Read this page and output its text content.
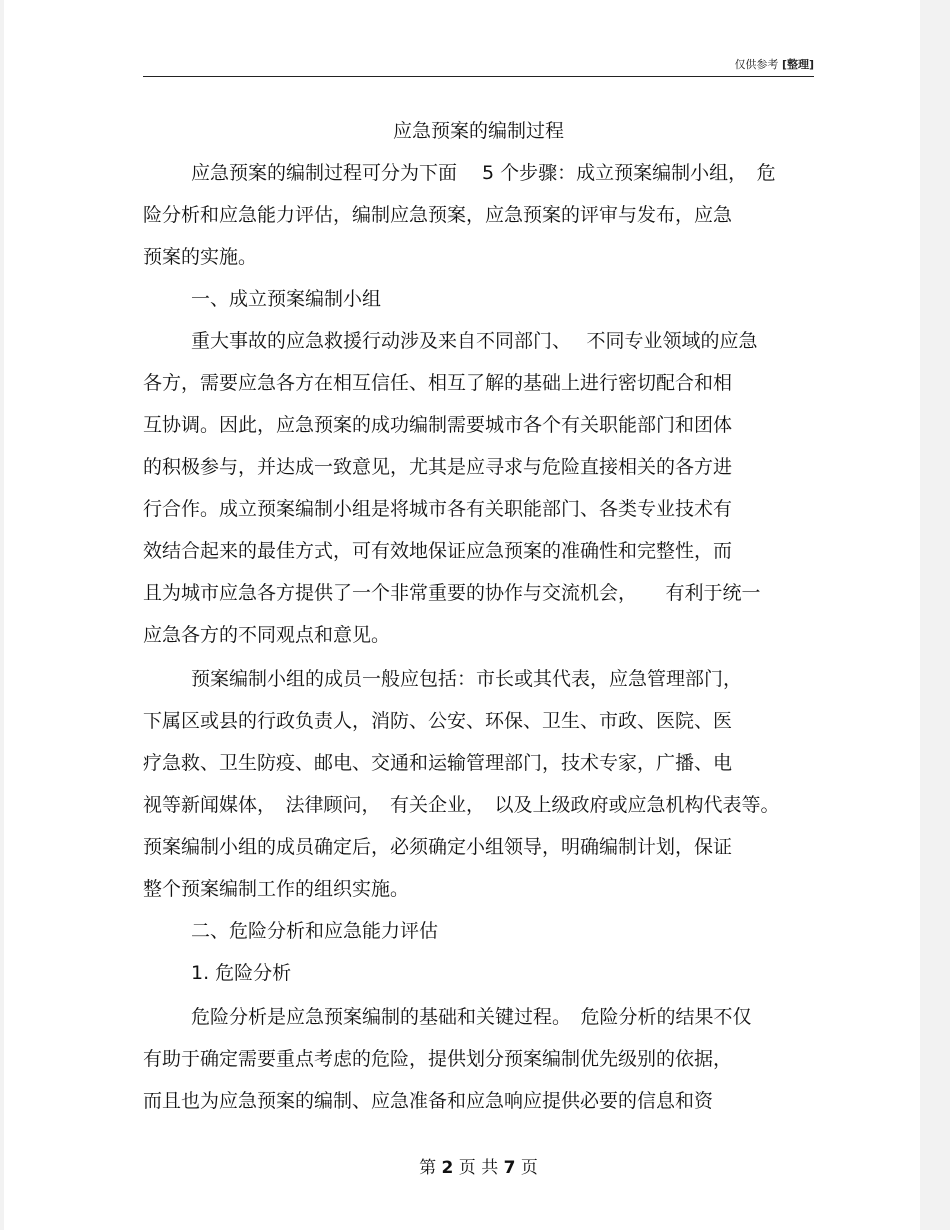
仅供参考 [整理]
应急预案的编制过程
应急预案的编制过程可分为下面　 5 个步骤：成立预案编制小组，　危
险分析和应急能力评估，编制应急预案，应急预案的评审与发布，应急
预案的实施。
一、成立预案编制小组
重大事故的应急救援行动涉及来自不同部门、　 不同专业领域的应急
各方，需要应急各方在相互信任、相互了解的基础上进行密切配合和相
互协调。因此，应急预案的成功编制需要城市各个有关职能部门和团体
的积极参与，并达成一致意见，尤其是应寻求与危险直接相关的各方进
行合作。成立预案编制小组是将城市各有关职能部门、各类专业技术有
效结合起来的最佳方式，可有效地保证应急预案的准确性和完整性，而
且为城市应急各方提供了一个非常重要的协作与交流机会，　　有利于统一
应急各方的不同观点和意见。
预案编制小组的成员一般应包括：市长或其代表，应急管理部门，
下属区或县的行政负责人，消防、公安、环保、卫生、市政、医院、医
疗急救、卫生防疫、邮电、交通和运输管理部门，技术专家，广播、电
视等新闻媒体，　法律顾问，　有关企业，　以及上级政府或应急机构代表等。
预案编制小组的成员确定后，必须确定小组领导，明确编制计划，保证
整个预案编制工作的组织实施。
二、危险分析和应急能力评估
1. 危险分析
危险分析是应急预案编制的基础和关键过程。　危险分析的结果不仅
有助于确定需要重点考虑的危险，提供划分预案编制优先级别的依据，
而且也为应急预案的编制、应急准备和应急响应提供必要的信息和资
第 2 页 共 7 页
